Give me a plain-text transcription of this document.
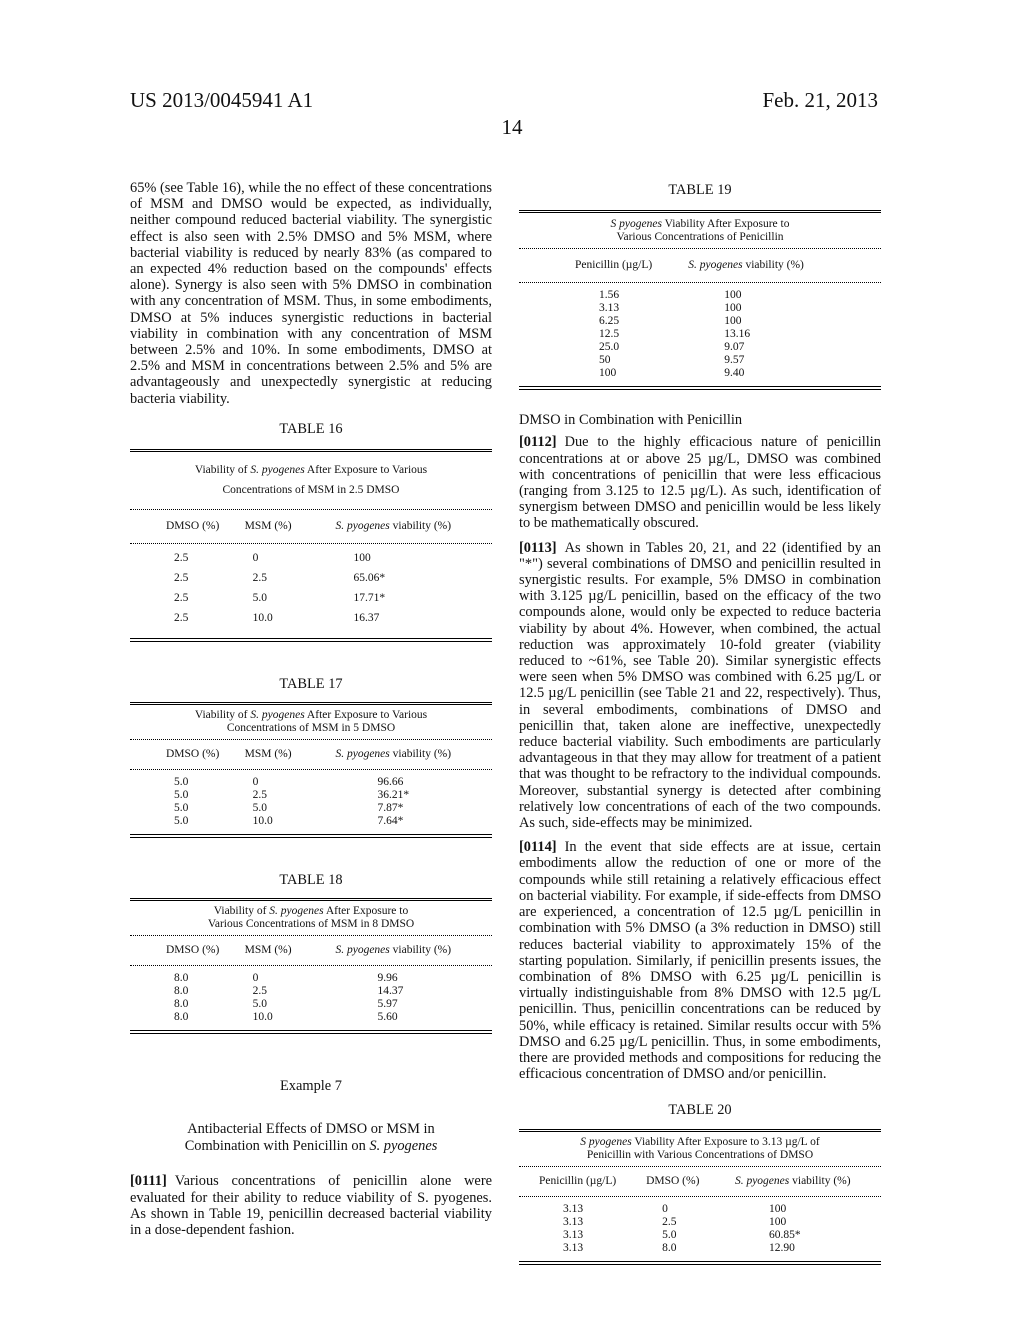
US 2013/0045941 A1	Feb. 21, 2013
14

65% (see Table 16), while the no effect of these concentrations of MSM and DMSO would be expected, as individually, neither compound reduced bacterial viability. The synergistic effect is also seen with 2.5% DMSO and 5% MSM, where bacterial viability is reduced by nearly 83% (as compared to an expected 4% reduction based on the compounds' effects alone). Synergy is also seen with 5% DMSO in combination with any concentration of MSM. Thus, in some embodiments, DMSO at 5% induces synergistic reductions in bacterial viability in combination with any concentration of MSM between 2.5% and 10%. In some embodiments, DMSO at 2.5% and MSM in concentrations between 2.5% and 5% are advantageously and unexpectedly synergistic at reducing bacteria viability.

TABLE 16
Viability of S. pyogenes After Exposure to Various
Concentrations of MSM in 2.5 DMSO
DMSO (%)	MSM (%)	S. pyogenes viability (%)
2.5	0	100
2.5	2.5	65.06*
2.5	5.0	17.71*
2.5	10.0	16.37
TABLE 17
Viability of S. pyogenes After Exposure to Various
Concentrations of MSM in 5 DMSO
DMSO (%)	MSM (%)	S. pyogenes viability (%)
5.0	0	96.66
5.0	2.5	36.21*
5.0	5.0	7.87*
5.0	10.0	7.64*
TABLE 18
Viability of S. pyogenes After Exposure to
Various Concentrations of MSM in 8 DMSO
DMSO (%)	MSM (%)	S. pyogenes viability (%)
8.0	0	9.96
8.0	2.5	14.37
8.0	5.0	5.97
8.0	10.0	5.60
Example 7
Antibacterial Effects of DMSO or MSM in
Combination with Penicillin on S. pyogenes

[0111] Various concentrations of penicillin alone were evaluated for their ability to reduce viability of S. pyogenes. As shown in Table 19, penicillin decreased bacterial viability in a dose-dependent fashion.

TABLE 19
S pyogenes Viability After Exposure to
Various Concentrations of Penicillin
Penicillin (µg/L)	S. pyogenes viability (%)
1.56	100
3.13	100
6.25	100
12.5	13.16
25.0	9.07
50	9.57
100	9.40
DMSO in Combination with Penicillin

[0112] Due to the highly efficacious nature of penicillin concentrations at or above 25 µg/L, DMSO was combined with concentrations of penicillin that were less efficacious (ranging from 3.125 to 12.5 µg/L). As such, identification of synergism between DMSO and penicillin would be less likely to be mathematically obscured.

[0113] As shown in Tables 20, 21, and 22 (identified by an "*") several combinations of DMSO and penicillin resulted in synergistic results. For example, 5% DMSO in combination with 3.125 µg/L penicillin, based on the efficacy of the two compounds alone, would only be expected to reduce bacteria viability by about 4%. However, when combined, the actual reduction was approximately 10-fold greater (viability reduced to ~61%, see Table 20). Similar synergistic effects were seen when 5% DMSO was combined with 6.25 µg/L or 12.5 µg/L penicillin (see Table 21 and 22, respectively). Thus, in several embodiments, combinations of DMSO and penicillin that, taken alone are ineffective, unexpectedly reduce bacterial viability. Such embodiments are particularly advantageous in that they may allow for treatment of a patient that was thought to be refractory to the individual compounds. Moreover, substantial synergy is detected after combining relatively low concentrations of each of the two compounds. As such, side-effects may be minimized.

[0114] In the event that side effects are at issue, certain embodiments allow the reduction of one or more of the compounds while still retaining a relatively efficacious effect on bacterial viability. For example, if side-effects from DMSO are experienced, a concentration of 12.5 µg/L penicillin in combination with 5% DMSO (a 3% reduction in DMSO) still reduces bacterial viability to approximately 15% of the starting population. Similarly, if penicillin presents issues, the combination of 8% DMSO with 6.25 µg/L penicillin is virtually indistinguishable from 8% DMSO with 12.5 µg/L penicillin. Thus, penicillin concentrations can be reduced by 50%, while efficacy is retained. Similar results occur with 5% DMSO and 6.25 µg/L penicillin. Thus, in some embodiments, there are provided methods and compositions for reducing the efficacious concentration of DMSO and/or penicillin.

TABLE 20
S pyogenes Viability After Exposure to 3.13 µg/L of
Penicillin with Various Concentrations of DMSO
Penicillin (µg/L)	DMSO (%)	S. pyogenes viability (%)
3.13	0	100
3.13	2.5	100
3.13	5.0	60.85*
3.13	8.0	12.90
